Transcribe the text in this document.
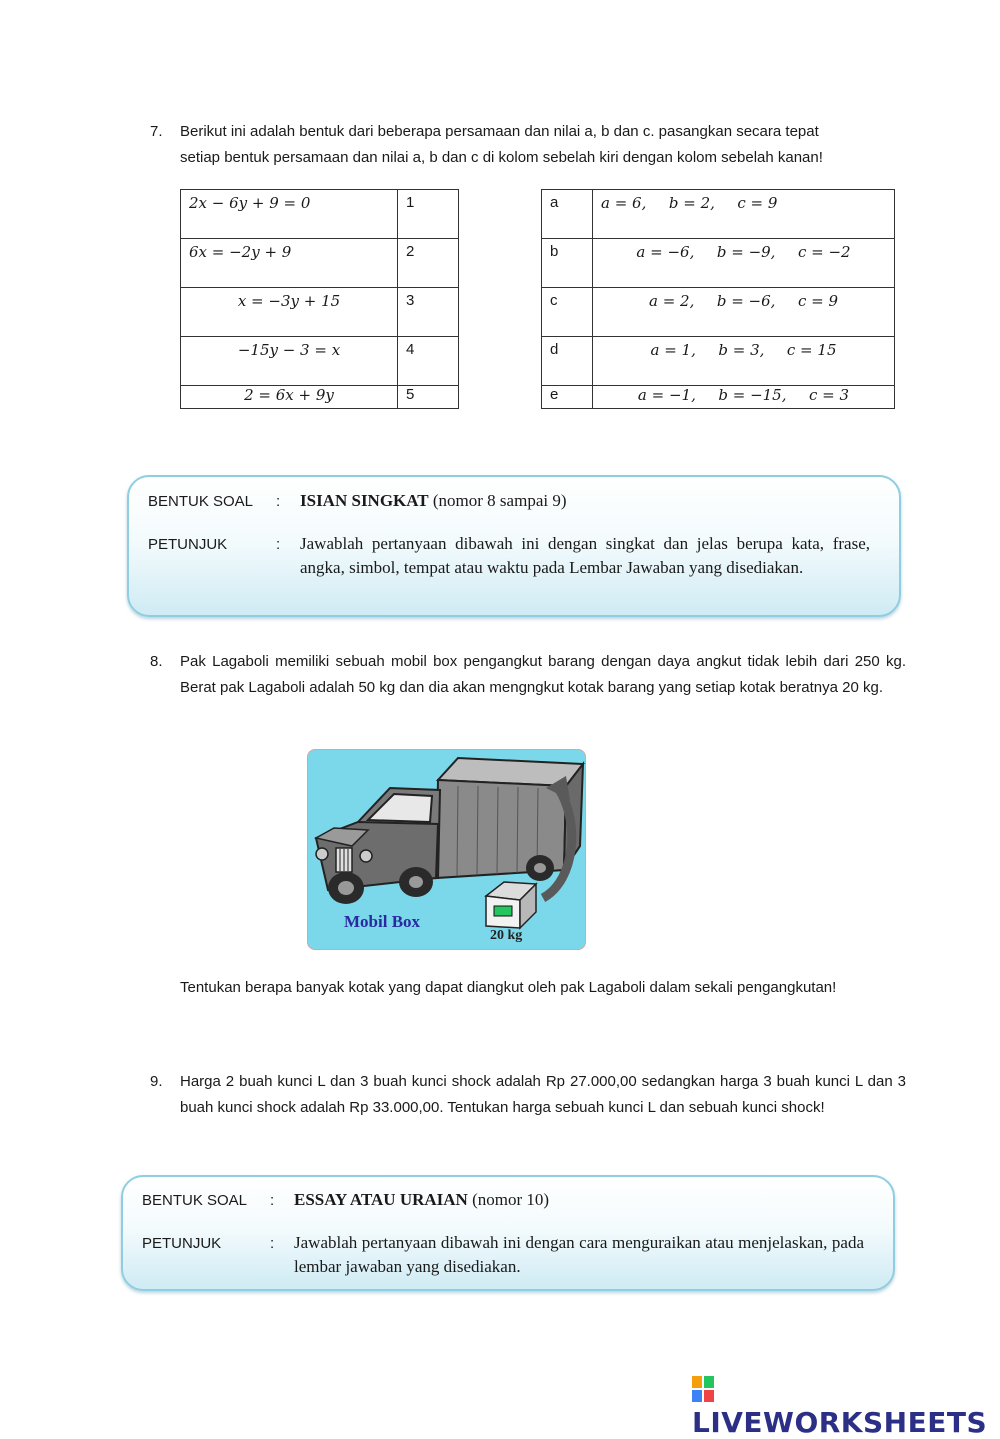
7. Berikut ini adalah bentuk dari beberapa persamaan dan nilai a, b dan c. pasangkan secara tepat
setiap bentuk persamaan dan nilai a, b dan c di kolom sebelah kiri dengan kolom sebelah kanan!
2x − 6y + 9 = 0	1
6x = −2y + 9	2
x = −3y + 15	3
−15y − 3 = x	4
2 = 6x + 9y	5
a	a = 6,   b = 2,   c = 9
b	a = −6,   b = −9,   c = −2
c	a = 2,   b = −6,   c = 9
d	a = 1,   b = 3,   c = 15
e	a = −1,   b = −15,   c = 3
BENTUK SOAL : ISIAN SINGKAT (nomor 8 sampai 9)
PETUNJUK	: Jawablah pertanyaan dibawah ini dengan singkat dan jelas berupa kata, frase, angka, simbol, tempat atau waktu pada Lembar Jawaban yang disediakan.
8. Pak Lagaboli memiliki sebuah mobil box pengangkut barang dengan daya angkut tidak lebih dari 250 kg. Berat pak Lagaboli adalah 50 kg dan dia akan mengngkut kotak barang yang setiap kotak beratnya 20 kg.
Mobil Box
20 kg
Tentukan berapa banyak kotak yang dapat diangkut oleh pak Lagaboli dalam sekali pengangkutan!
9. Harga 2 buah kunci L dan 3 buah kunci shock adalah Rp 27.000,00 sedangkan harga 3 buah kunci L dan 3 buah kunci shock adalah Rp 33.000,00. Tentukan harga sebuah kunci L dan sebuah kunci shock!
BENTUK SOAL : ESSAY ATAU URAIAN (nomor 10)
PETUNJUK	: Jawablah pertanyaan dibawah ini dengan cara menguraikan atau menjelaskan, pada lembar jawaban yang disediakan.
LIVEWORKSHEETS
